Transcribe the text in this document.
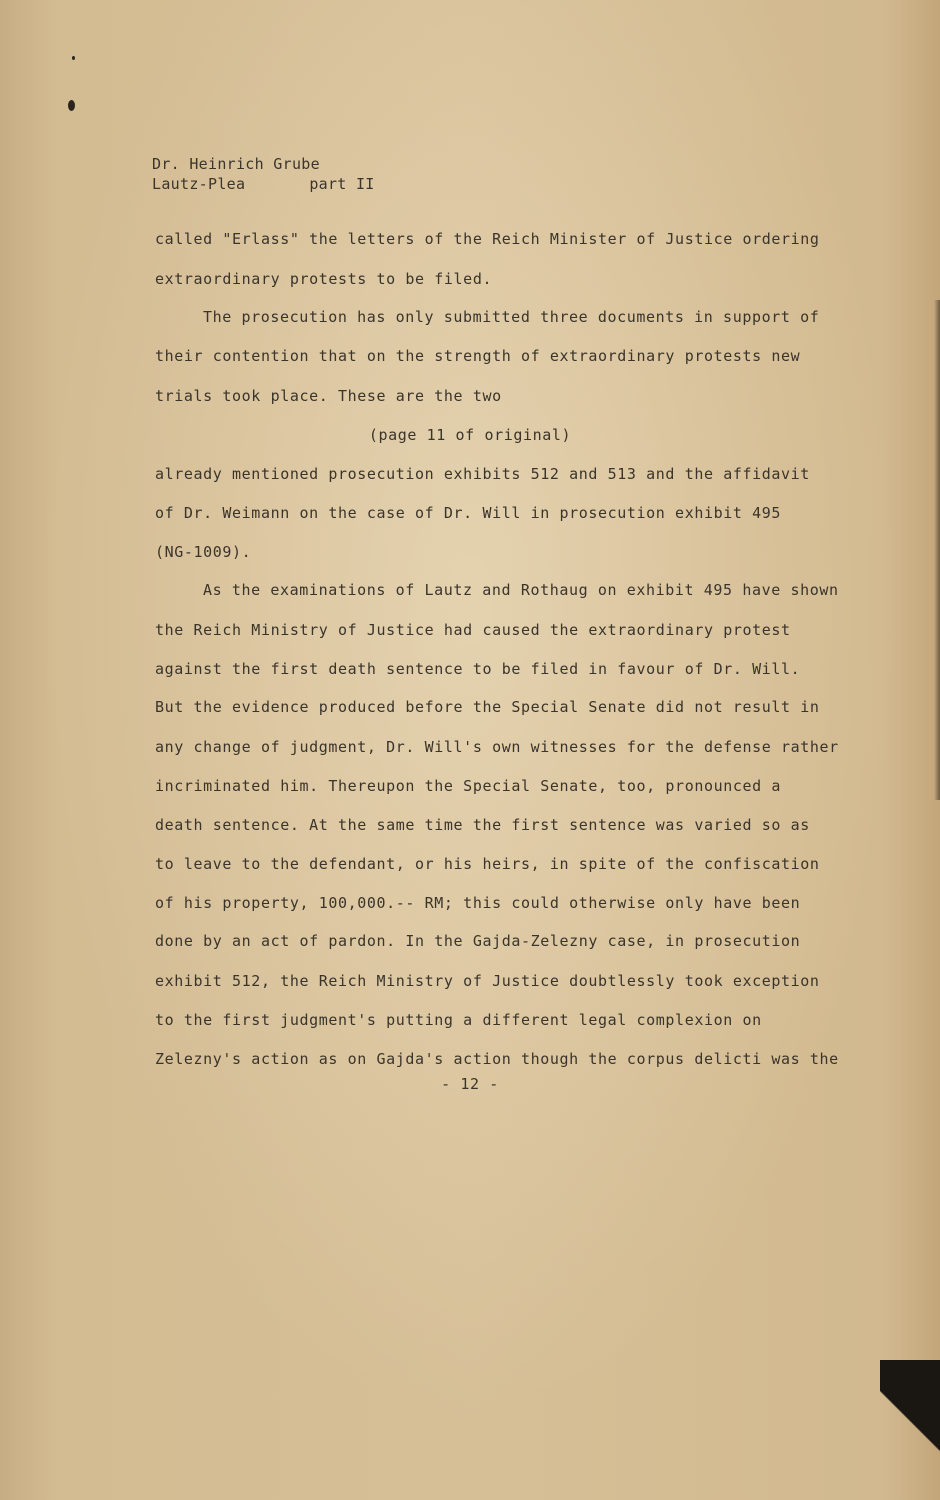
Dr. Heinrich Grube
Lautz-Plea	part II
called "Erlass" the letters of the Reich Minister of Justice ordering
extraordinary protests to be filed.
The prosecution has only submitted three documents in support of
their contention that on the strength of extraordinary protests new
trials took place. These are the two
(page 11 of original)
already mentioned prosecution exhibits 512 and 513 and the affidavit
of Dr. Weimann on the case of Dr. Will in prosecution exhibit 495
(NG-1009).
As the examinations of Lautz and Rothaug on exhibit 495 have shown
the Reich Ministry of Justice had caused the extraordinary protest
against the first death sentence to be filed in favour of Dr. Will.
But the evidence produced before the Special Senate did not result in
any change of judgment, Dr. Will's own witnesses for the defense rather
incriminated him. Thereupon the Special Senate, too, pronounced a
death sentence. At the same time the first sentence was varied so as
to leave to the defendant, or his heirs, in spite of the confiscation
of his property, 100,000.-- RM; this could otherwise only have been
done by an act of pardon. In the Gajda-Zelezny case, in prosecution
exhibit 512, the Reich Ministry of Justice doubtlessly took exception
to the first judgment's putting a different legal complexion on
Zelezny's action as on Gajda's action though the corpus delicti was the
- 12 -
